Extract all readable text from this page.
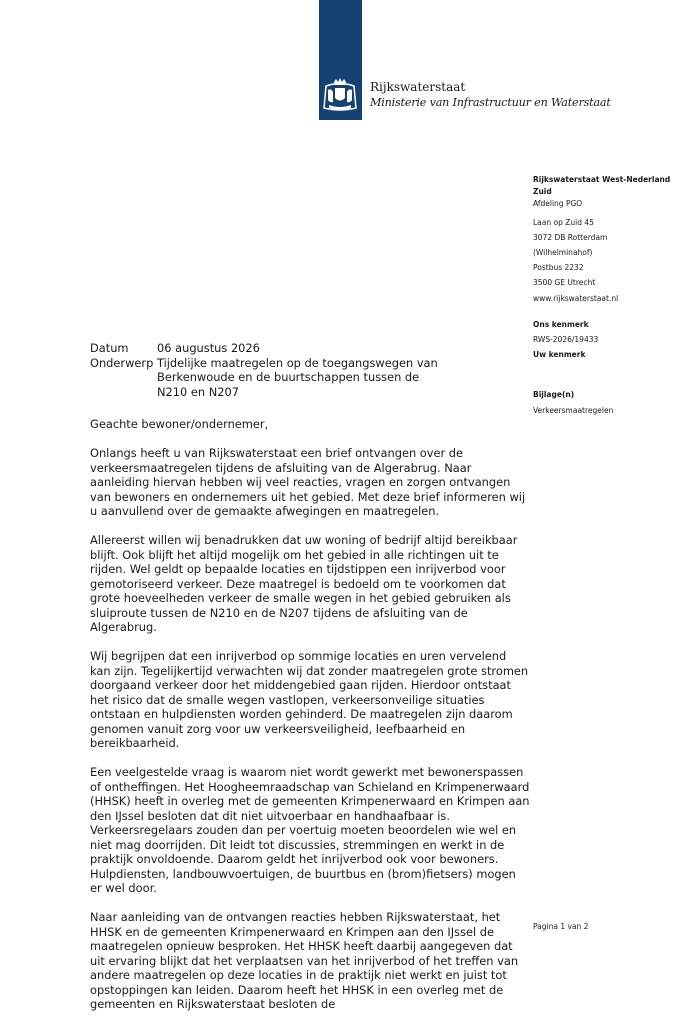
Rijkswaterstaat
Ministerie van Infrastructuur en Waterstaat

Rijkswaterstaat West-Nederland Zuid

Afdeling PGO

Laan op Zuid 45

3072 DB Rotterdam

(Wilhelminahof)

Postbus 2232

3500 GE Utrecht

www.rijkswaterstaat.nl

Ons kenmerk

RWS-2026/19433

Uw kenmerk

Bijlage(n)

Verkeersmaatregelen

Datum	06 augustus 2026
Onderwerp Tijdelijke maatregelen op de toegangswegen van Berkenwoude en de buurtschappen tussen de N210 en N207
Geachte bewoner/ondernemer,

Onlangs heeft u van Rijkswaterstaat een brief ontvangen over de verkeersmaatregelen tijdens de afsluiting van de Algerabrug. Naar aanleiding hiervan hebben wij veel reacties, vragen en zorgen ontvangen van bewoners en ondernemers uit het gebied. Met deze brief informeren wij u aanvullend over de gemaakte afwegingen en maatregelen.

Allereerst willen wij benadrukken dat uw woning of bedrijf altijd bereikbaar blijft. Ook blijft het altijd mogelijk om het gebied in alle richtingen uit te rijden. Wel geldt op bepaalde locaties en tijdstippen een inrijverbod voor gemotoriseerd verkeer. Deze maatregel is bedoeld om te voorkomen dat grote hoeveelheden verkeer de smalle wegen in het gebied gebruiken als sluiproute tussen de N210 en de N207 tijdens de afsluiting van de Algerabrug.

Wij begrijpen dat een inrijverbod op sommige locaties en uren vervelend kan zijn. Tegelijkertijd verwachten wij dat zonder maatregelen grote stromen doorgaand verkeer door het middengebied gaan rijden. Hierdoor ontstaat het risico dat de smalle wegen vastlopen, verkeersonveilige situaties ontstaan en hulpdiensten worden gehinderd. De maatregelen zijn daarom genomen vanuit zorg voor uw verkeersveiligheid, leefbaarheid en bereikbaarheid.

Een veelgestelde vraag is waarom niet wordt gewerkt met bewonerspassen of ontheffingen. Het Hoogheemraadschap van Schieland en Krimpenerwaard (HHSK) heeft in overleg met de gemeenten Krimpenerwaard en Krimpen aan den IJssel besloten dat dit niet uitvoerbaar en handhaafbaar is. Verkeersregelaars zouden dan per voertuig moeten beoordelen wie wel en niet mag doorrijden. Dit leidt tot discussies, stremmingen en werkt in de praktijk onvoldoende. Daarom geldt het inrijverbod ook voor bewoners. Hulpdiensten, landbouwvoertuigen, de buurtbus en (brom)fietsers) mogen er wel door.

Naar aanleiding van de ontvangen reacties hebben Rijkswaterstaat, het HHSK en de gemeenten Krimpenerwaard en Krimpen aan den IJssel de maatregelen opnieuw besproken. Het HHSK heeft daarbij aangegeven dat uit ervaring blijkt dat het verplaatsen van het inrijverbod of het treffen van andere maatregelen op deze locaties in de praktijk niet werkt en juist tot opstoppingen kan leiden. Daarom heeft het HHSK in een overleg met de gemeenten en Rijkswaterstaat besloten de

Pagina 1 van 2
